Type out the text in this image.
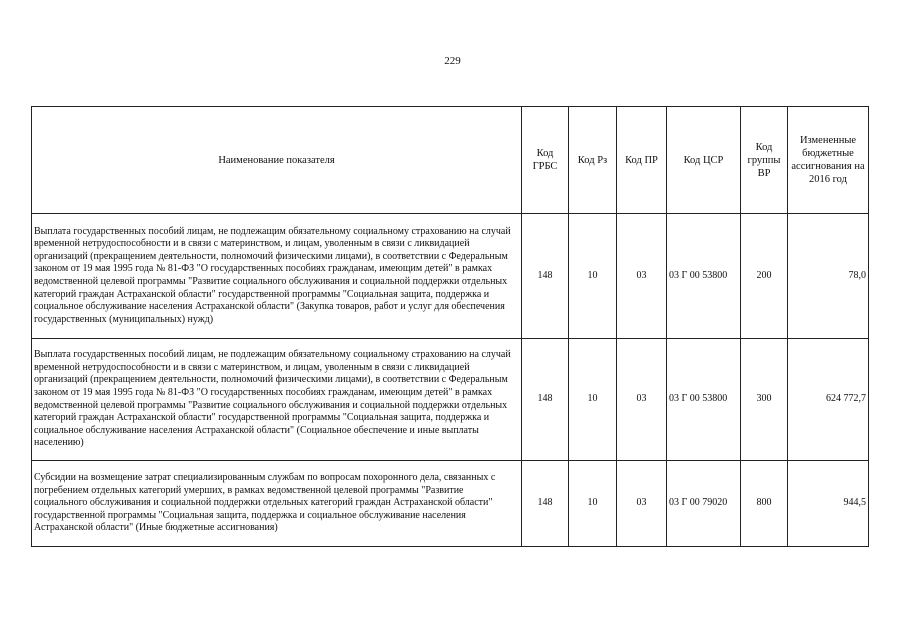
229
Наименование показателя	Код ГРБС	Код Рз	Код ПР	Код ЦСР	Код группы ВР	Измененные бюджетные ассигнования на 2016 год
Выплата государственных пособий лицам, не подлежащим обязательному социальному страхованию на случай временной нетрудоспособности и в связи с материнством, и лицам, уволенным в связи с ликвидацией организаций (прекращением деятельности, полномочий физическими лицами), в соответствии с Федеральным законом от 19 мая 1995 года № 81-ФЗ "О государственных пособиях гражданам, имеющим детей" в рамках ведомственной целевой программы "Развитие социального обслуживания и социальной поддержки отдельных категорий граждан Астраханской области" государственной программы "Социальная защита, поддержка и социальное обслуживание населения Астраханской области" (Закупка товаров, работ и услуг для обеспечения государственных (муниципальных) нужд)	148	10	03	03 Г 00 53800	200	78,0
Выплата государственных пособий лицам, не подлежащим обязательному социальному страхованию на случай временной нетрудоспособности и в связи с материнством, и лицам, уволенным в связи с ликвидацией организаций (прекращением деятельности, полномочий физическими лицами), в соответствии с Федеральным законом от 19 мая 1995 года № 81-ФЗ "О государственных пособиях гражданам, имеющим детей" в рамках ведомственной целевой программы "Развитие социального обслуживания и социальной поддержки отдельных категорий граждан Астраханской области" государственной программы "Социальная защита, поддержка и социальное обслуживание населения Астраханской области" (Социальное обеспечение и иные выплаты населению)	148	10	03	03 Г 00 53800	300	624 772,7
Субсидии на возмещение затрат специализированным службам по вопросам похоронного дела, связанных с погребением отдельных категорий умерших, в рамках ведомственной целевой программы "Развитие социального обслуживания и социальной поддержки отдельных категорий граждан Астраханской области" государственной программы "Социальная защита, поддержка и социальное обслуживание населения Астраханской области" (Иные бюджетные ассигнования)	148	10	03	03 Г 00 79020	800	944,5
